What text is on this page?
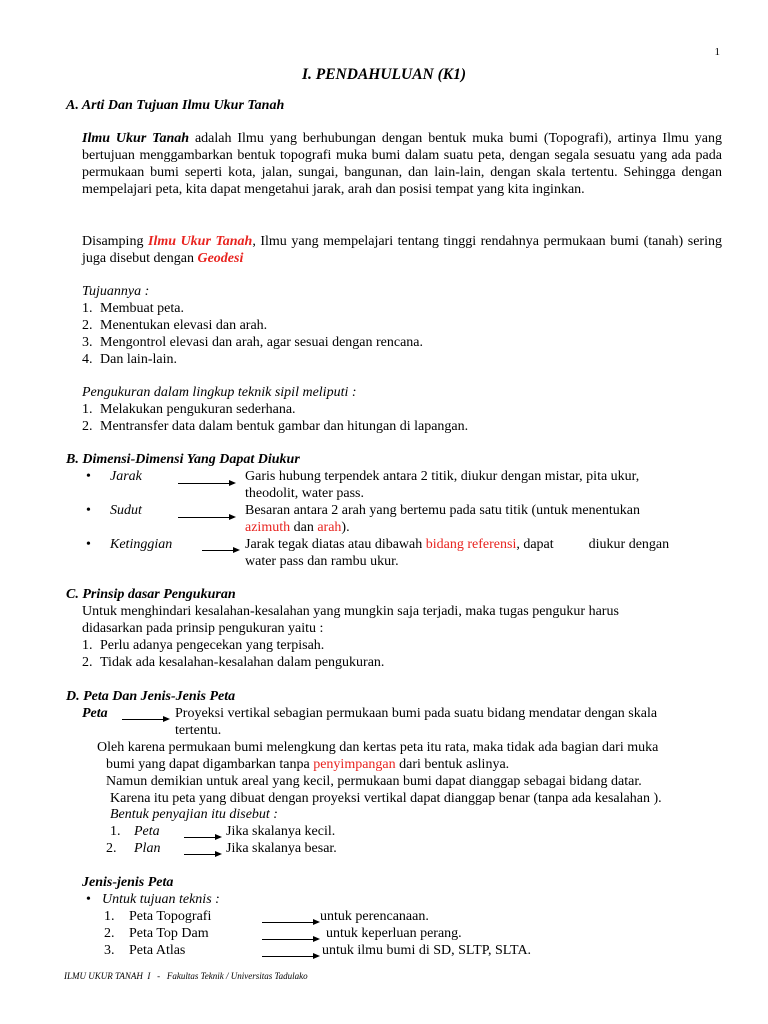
1
I. PENDAHULUAN (K1)
A. Arti Dan Tujuan Ilmu Ukur Tanah
Ilmu Ukur Tanah adalah Ilmu yang berhubungan dengan bentuk muka bumi (Topografi), artinya Ilmu yang bertujuan menggambarkan bentuk topografi muka bumi dalam suatu peta, dengan segala sesuatu yang ada pada permukaan bumi seperti kota, jalan, sungai, bangunan, dan lain-lain, dengan skala tertentu. Sehingga dengan mempelajari peta, kita dapat mengetahui jarak, arah dan posisi tempat yang kita inginkan.
Disamping Ilmu Ukur Tanah, Ilmu yang mempelajari tentang tinggi rendahnya permukaan bumi (tanah) sering juga disebut dengan Geodesi
Tujuannya :
1. Membuat peta.
2. Menentukan elevasi dan arah.
3. Mengontrol elevasi dan arah, agar sesuai dengan rencana.
4. Dan lain-lain.
Pengukuran dalam lingkup teknik sipil meliputi :
1. Melakukan pengukuran sederhana.
2. Mentransfer data dalam bentuk gambar dan hitungan di lapangan.
B. Dimensi-Dimensi Yang Dapat Diukur
• Jarak	Garis hubung terpendek antara 2 titik, diukur dengan mistar, pita ukur,
theodolit, water pass.
• Sudut	Besaran antara 2 arah yang bertemu pada satu titik (untuk menentukan
azimuth dan arah).
• Ketinggian	Jarak tegak diatas atau dibawah bidang referensi, dapat          diukur dengan
water pass dan rambu ukur.
C. Prinsip dasar Pengukuran
Untuk menghindari kesalahan-kesalahan yang mungkin saja terjadi, maka tugas pengukur harus
didasarkan pada prinsip pengukuran yaitu :
1. Perlu adanya pengecekan yang terpisah.
2. Tidak ada kesalahan-kesalahan dalam pengukuran.
D. Peta Dan Jenis-Jenis Peta
Peta	Proyeksi vertikal sebagian permukaan bumi pada suatu bidang mendatar dengan skala
tertentu.
Oleh karena permukaan bumi melengkung dan kertas peta itu rata, maka tidak ada bagian dari muka
bumi yang dapat digambarkan tanpa penyimpangan dari bentuk aslinya.
Namun demikian untuk areal yang kecil, permukaan bumi dapat dianggap sebagai bidang datar.
Karena itu peta yang dibuat dengan proyeksi vertikal dapat dianggap benar (tanpa ada kesalahan ).
Bentuk penyajian itu disebut :
1. Peta	Jika skalanya kecil.
2. Plan	Jika skalanya besar.
Jenis-jenis Peta
• Untuk tujuan teknis :
1. Peta Topografi	untuk perencanaan.
2. Peta Top Dam	untuk keperluan perang.
3. Peta Atlas	untuk ilmu bumi di SD, SLTP, SLTA.
ILMU UKUR TANAH  I   -   Fakultas Teknik / Universitas Tadulako
